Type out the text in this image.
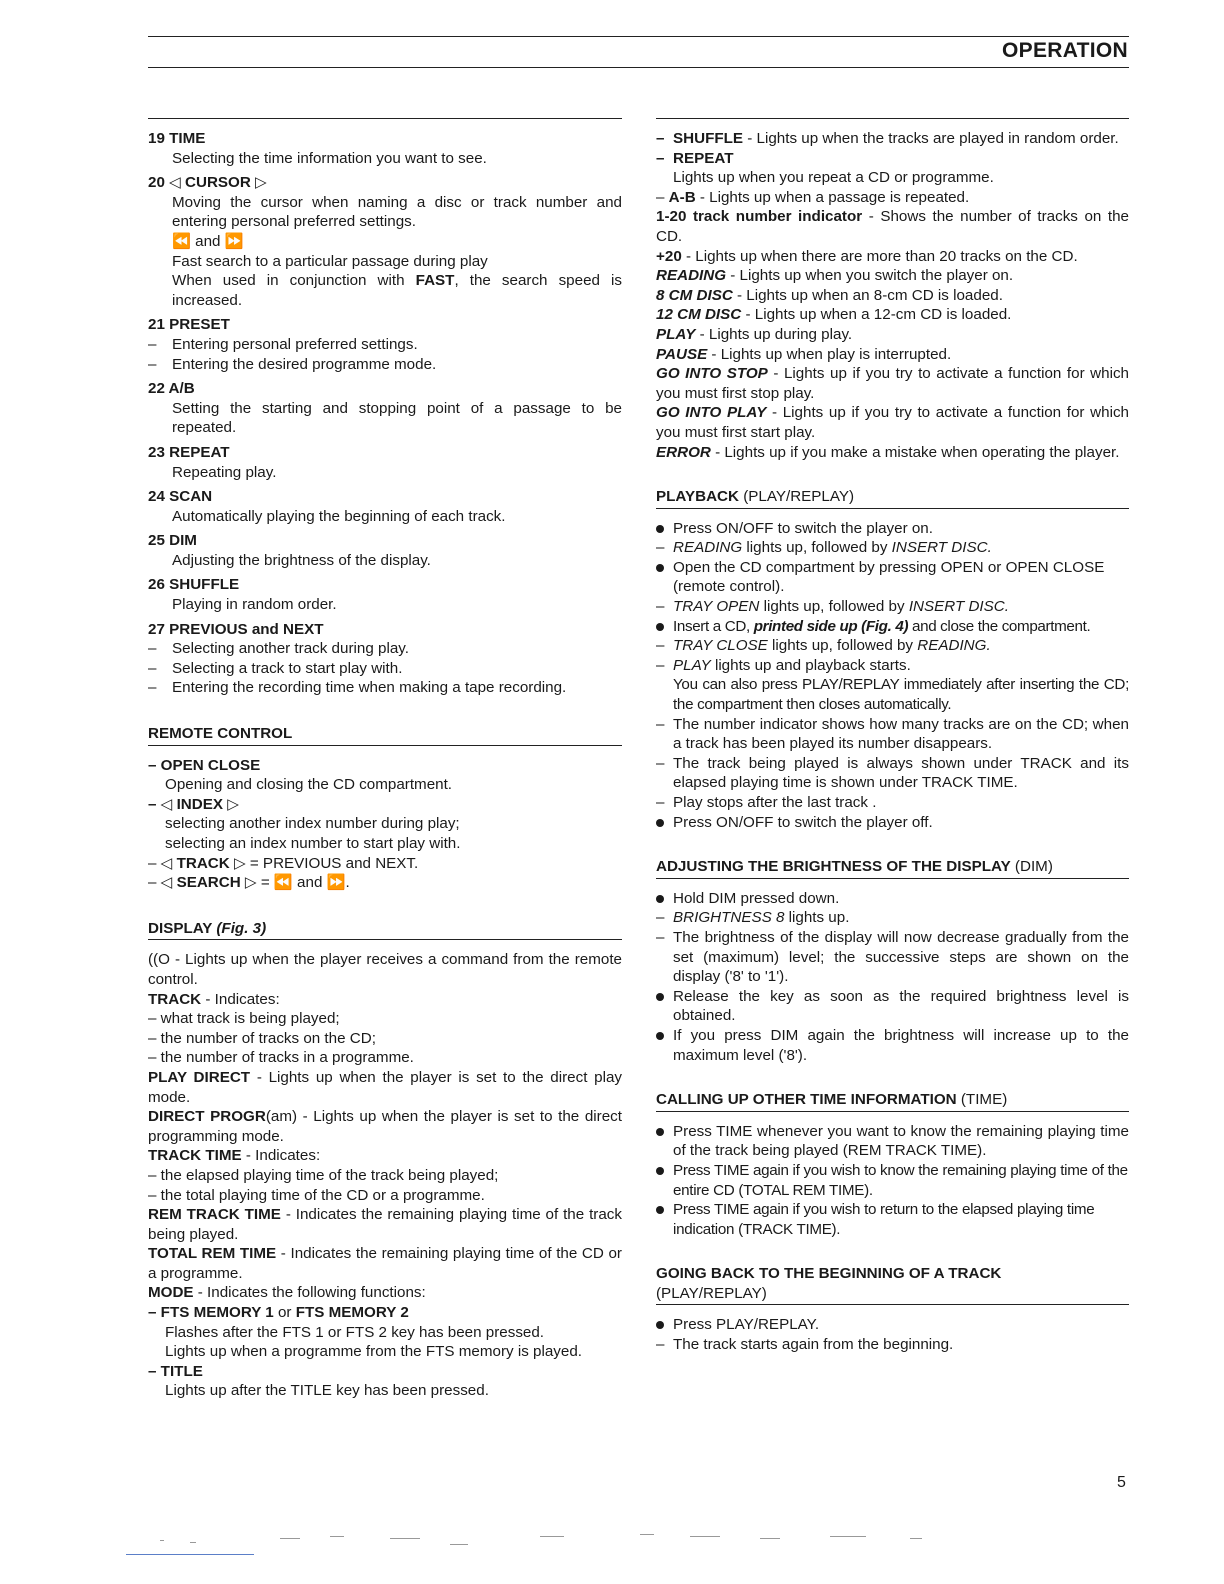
OPERATION

19 TIME

Selecting the time information you want to see.

20 ◁ CURSOR ▷

Moving the cursor when naming a disc or track number and entering personal preferred settings.

⏪ and ⏩

Fast search to a particular passage during play

When used in conjunction with FAST, the search speed is increased.

21 PRESET

–	Entering personal preferred settings.
–	Entering the desired programme mode.

22 A/B

Setting the starting and stopping point of a passage to be repeated.

23 REPEAT

Repeating play.

24 SCAN

Automatically playing the beginning of each track.

25 DIM

Adjusting the brightness of the display.

26 SHUFFLE

Playing in random order.

27 PREVIOUS and NEXT

–	Selecting another track during play.
–	Selecting a track to start play with.
–	Entering the recording time when making a tape recording.
REMOTE CONTROL

– OPEN CLOSE

Opening and closing the CD compartment.

– ◁ INDEX ▷

selecting another index number during play;

selecting an index number to start play with.

– ◁ TRACK ▷ = PREVIOUS and NEXT.

– ◁ SEARCH ▷ = ⏪ and ⏩.

DISPLAY (Fig. 3)

((O - Lights up when the player receives a command from the remote control.

TRACK - Indicates:

– what track is being played;

– the number of tracks on the CD;

– the number of tracks in a programme.

PLAY DIRECT - Lights up when the player is set to the direct play mode.

DIRECT PROGR(am) - Lights up when the player is set to the direct programming mode.

TRACK TIME - Indicates:

– the elapsed playing time of the track being played;

– the total playing time of the CD or a programme.

REM TRACK TIME - Indicates the remaining playing time of the track being played.

TOTAL REM TIME - Indicates the remaining playing time of the CD or a programme.

MODE - Indicates the following functions:

– FTS MEMORY 1 or FTS MEMORY 2

Flashes after the FTS 1 or FTS 2 key has been pressed.

Lights up when a programme from the FTS memory is played.

– TITLE

Lights up after the TITLE key has been pressed.

– SHUFFLE - Lights up when the tracks are played in random order.
– REPEAT
Lights up when you repeat a CD or programme.

– A-B - Lights up when a passage is repeated.

1-20 track number indicator - Shows the number of tracks on the CD.

+20 - Lights up when there are more than 20 tracks on the CD.

READING - Lights up when you switch the player on.

8 CM DISC - Lights up when an 8-cm CD is loaded.

12 CM DISC - Lights up when a 12-cm CD is loaded.

PLAY - Lights up during play.

PAUSE - Lights up when play is interrupted.

GO INTO STOP - Lights up if you try to activate a function for which you must first stop play.

GO INTO PLAY - Lights up if you try to activate a function for which you must first start play.

ERROR - Lights up if you make a mistake when operating the player.

PLAYBACK (PLAY/REPLAY)
Press ON/OFF to switch the player on.
– READING lights up, followed by INSERT DISC.
Open the CD compartment by pressing OPEN or OPEN CLOSE (remote control).
– TRAY OPEN lights up, followed by INSERT DISC.
Insert a CD, printed side up (Fig. 4) and close the compartment.
– TRAY CLOSE lights up, followed by READING.
– PLAY lights up and playback starts.
You can also press PLAY/REPLAY immediately after inserting the CD; the compartment then closes automatically.
– The number indicator shows how many tracks are on the CD; when a track has been played its number disappears.
– The track being played is always shown under TRACK and its elapsed playing time is shown under TRACK TIME.
– Play stops after the last track .
Press ON/OFF to switch the player off.
ADJUSTING THE BRIGHTNESS OF THE DISPLAY (DIM)
Hold DIM pressed down.
– BRIGHTNESS 8 lights up.
– The brightness of the display will now decrease gradually from the set (maximum) level; the successive steps are shown on the display ('8' to '1').
Release the key as soon as the required brightness level is obtained.
If you press DIM again the brightness will increase up to the maximum level ('8').
CALLING UP OTHER TIME INFORMATION (TIME)
Press TIME whenever you want to know the remaining playing time of the track being played (REM TRACK TIME).
Press TIME again if you wish to know the remaining playing time of the entire CD (TOTAL REM TIME).
Press TIME again if you wish to return to the elapsed playing time indication (TRACK TIME).
GOING BACK TO THE BEGINNING OF A TRACK
(PLAY/REPLAY)
Press PLAY/REPLAY.
– The track starts again from the beginning.
5
